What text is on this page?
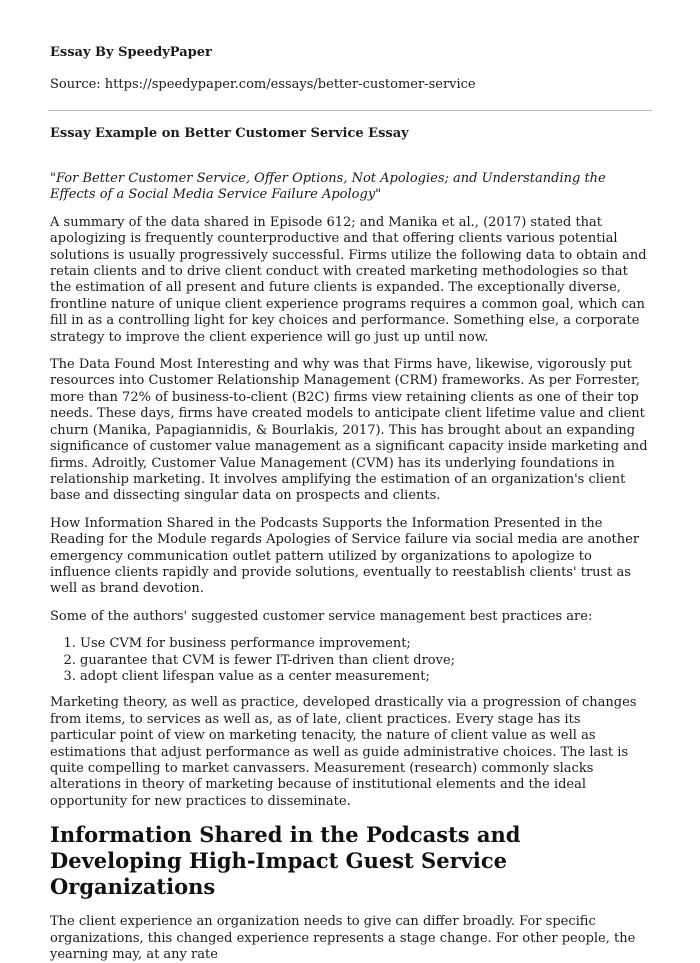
Essay By SpeedyPaper
Source: https://speedypaper.com/essays/better-customer-service
Essay Example on Better Customer Service Essay

"For Better Customer Service, Offer Options, Not Apologies; and Understanding the Effects of a Social Media Service Failure Apology"

A summary of the data shared in Episode 612; and Manika et al., (2017) stated that apologizing is frequently counterproductive and that offering clients various potential solutions is usually progressively successful. Firms utilize the following data to obtain and retain clients and to drive client conduct with created marketing methodologies so that the estimation of all present and future clients is expanded. The exceptionally diverse, frontline nature of unique client experience programs requires a common goal, which can fill in as a controlling light for key choices and performance. Something else, a corporate strategy to improve the client experience will go just up until now.

The Data Found Most Interesting and why was that Firms have, likewise, vigorously put resources into Customer Relationship Management (CRM) frameworks. As per Forrester, more than 72% of business-to-client (B2C) firms view retaining clients as one of their top needs. These days, firms have created models to anticipate client lifetime value and client churn (Manika, Papagiannidis, & Bourlakis, 2017). This has brought about an expanding significance of customer value management as a significant capacity inside marketing and firms. Adroitly, Customer Value Management (CVM) has its underlying foundations in relationship marketing. It involves amplifying the estimation of an organization's client base and dissecting singular data on prospects and clients.

How Information Shared in the Podcasts Supports the Information Presented in the Reading for the Module regards Apologies of Service failure via social media are another emergency communication outlet pattern utilized by organizations to apologize to influence clients rapidly and provide solutions, eventually to reestablish clients' trust as well as brand devotion.

Some of the authors' suggested customer service management best practices are:

1. Use CVM for business performance improvement;
2. guarantee that CVM is fewer IT-driven than client drove;
3. adopt client lifespan value as a center measurement;

Marketing theory, as well as practice, developed drastically via a progression of changes from items, to services as well as, as of late, client practices. Every stage has its particular point of view on marketing tenacity, the nature of client value as well as estimations that adjust performance as well as guide administrative choices. The last is quite compelling to market canvassers. Measurement (research) commonly slacks alterations in theory of marketing because of institutional elements and the ideal opportunity for new practices to disseminate.

Information Shared in the Podcasts and Developing High-Impact Guest Service Organizations

The client experience an organization needs to give can differ broadly. For specific organizations, this changed experience represents a stage change. For other people, the yearning may, at any rate
